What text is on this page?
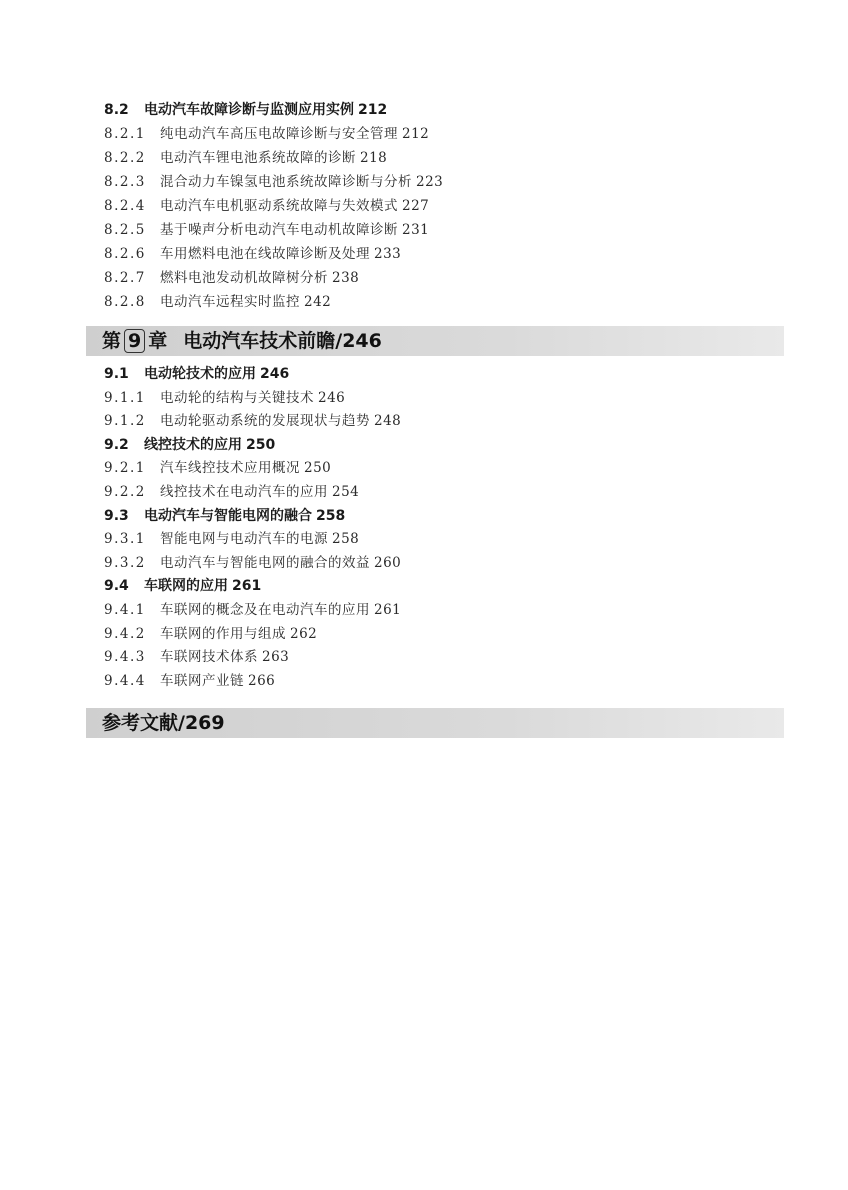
8.2 电动汽车故障诊断与监测应用实例 212
8.2.1 纯电动汽车高压电故障诊断与安全管理 212
8.2.2 电动汽车锂电池系统故障的诊断 218
8.2.3 混合动力车镍氢电池系统故障诊断与分析 223
8.2.4 电动汽车电机驱动系统故障与失效模式 227
8.2.5 基于噪声分析电动汽车电动机故障诊断 231
8.2.6 车用燃料电池在线故障诊断及处理 233
8.2.7 燃料电池发动机故障树分析 238
8.2.8 电动汽车远程实时监控 242
第 9 章 电动汽车技术前瞻/246
9.1 电动轮技术的应用 246
9.1.1 电动轮的结构与关键技术 246
9.1.2 电动轮驱动系统的发展现状与趋势 248
9.2 线控技术的应用 250
9.2.1 汽车线控技术应用概况 250
9.2.2 线控技术在电动汽车的应用 254
9.3 电动汽车与智能电网的融合 258
9.3.1 智能电网与电动汽车的电源 258
9.3.2 电动汽车与智能电网的融合的效益 260
9.4 车联网的应用 261
9.4.1 车联网的概念及在电动汽车的应用 261
9.4.2 车联网的作用与组成 262
9.4.3 车联网技术体系 263
9.4.4 车联网产业链 266
参考文献/269
